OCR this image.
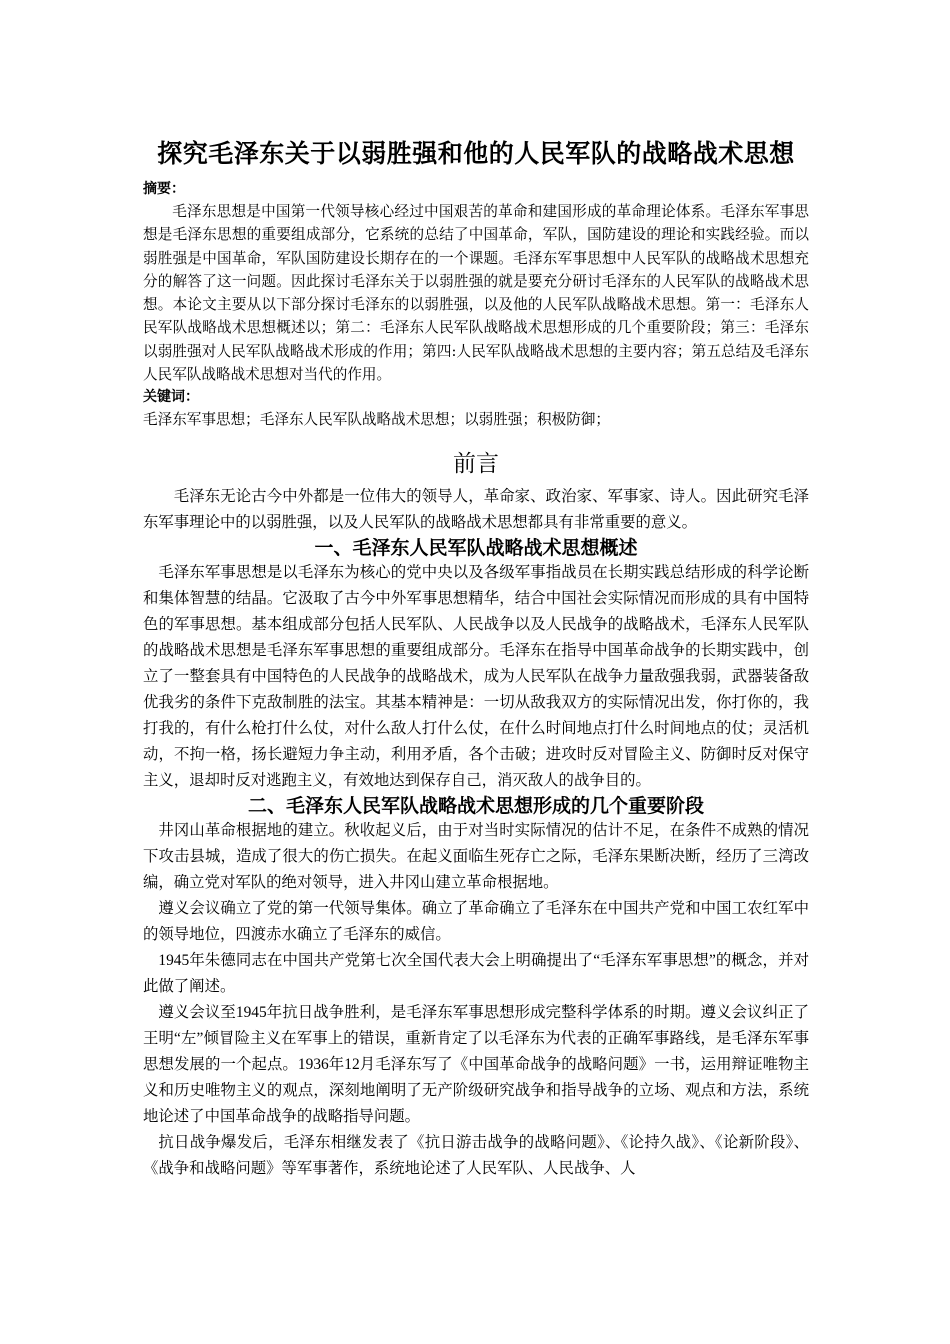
探究毛泽东关于以弱胜强和他的人民军队的战略战术思想
摘要：

毛泽东思想是中国第一代领导核心经过中国艰苦的革命和建国形成的革命理论体系。毛泽东军事思想是毛泽东思想的重要组成部分，它系统的总结了中国革命，军队，国防建设的理论和实践经验。而以弱胜强是中国革命，军队国防建设长期存在的一个课题。毛泽东军事思想中人民军队的战略战术思想充分的解答了这一问题。因此探讨毛泽东关于以弱胜强的就是要充分研讨毛泽东的人民军队的战略战术思想。本论文主要从以下部分探讨毛泽东的以弱胜强，以及他的人民军队战略战术思想。第一：毛泽东人民军队战略战术思想概述以；第二：毛泽东人民军队战略战术思想形成的几个重要阶段；第三：毛泽东以弱胜强对人民军队战略战术形成的作用；第四:人民军队战略战术思想的主要内容；第五总结及毛泽东人民军队战略战术思想对当代的作用。

关键词：

毛泽东军事思想；毛泽东人民军队战略战术思想；以弱胜强；积极防御；

前言

毛泽东无论古今中外都是一位伟大的领导人，革命家、政治家、军事家、诗人。因此研究毛泽东军事理论中的以弱胜强，以及人民军队的战略战术思想都具有非常重要的意义。

一、毛泽东人民军队战略战术思想概述

毛泽东军事思想是以毛泽东为核心的党中央以及各级军事指战员在长期实践总结形成的科学论断和集体智慧的结晶。它汲取了古今中外军事思想精华，结合中国社会实际情况而形成的具有中国特色的军事思想。基本组成部分包括人民军队、人民战争以及人民战争的战略战术，毛泽东人民军队的战略战术思想是毛泽东军事思想的重要组成部分。毛泽东在指导中国革命战争的长期实践中，创立了一整套具有中国特色的人民战争的战略战术，成为人民军队在战争力量敌强我弱，武器装备敌优我劣的条件下克敌制胜的法宝。其基本精神是：一切从敌我双方的实际情况出发，你打你的，我打我的，有什么枪打什么仗，对什么敌人打什么仗，在什么时间地点打什么时间地点的仗；灵活机动，不拘一格，扬长避短力争主动，利用矛盾，各个击破；进攻时反对冒险主义、防御时反对保守主义，退却时反对逃跑主义，有效地达到保存自己，消灭敌人的战争目的。

二、毛泽东人民军队战略战术思想形成的几个重要阶段

井冈山革命根据地的建立。秋收起义后，由于对当时实际情况的估计不足，在条件不成熟的情况下攻击县城，造成了很大的伤亡损失。在起义面临生死存亡之际，毛泽东果断决断，经历了三湾改编，确立党对军队的绝对领导，进入井冈山建立革命根据地。

遵义会议确立了党的第一代领导集体。确立了革命确立了毛泽东在中国共产党和中国工农红军中的领导地位，四渡赤水确立了毛泽东的威信。

1945年朱德同志在中国共产党第七次全国代表大会上明确提出了“毛泽东军事思想”的概念，并对此做了阐述。

遵义会议至1945年抗日战争胜利，是毛泽东军事思想形成完整科学体系的时期。遵义会议纠正了王明“左”倾冒险主义在军事上的错误，重新肯定了以毛泽东为代表的正确军事路线，是毛泽东军事思想发展的一个起点。1936年12月毛泽东写了《中国革命战争的战略问题》一书，运用辩证唯物主义和历史唯物主义的观点，深刻地阐明了无产阶级研究战争和指导战争的立场、观点和方法，系统地论述了中国革命战争的战略指导问题。

抗日战争爆发后，毛泽东相继发表了《抗日游击战争的战略问题》、《论持久战》、《论新阶段》、《战争和战略问题》等军事著作，系统地论述了人民军队、人民战争、人
